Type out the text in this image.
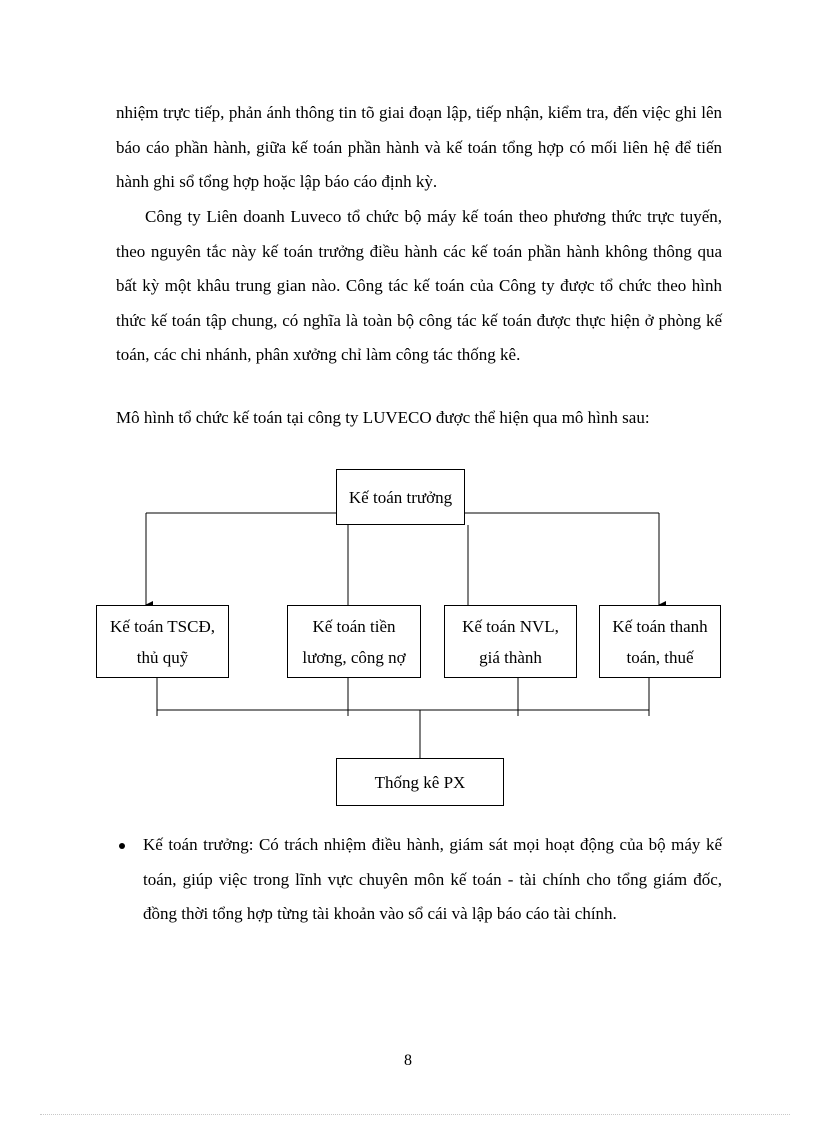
nhiệm trực tiếp, phản ánh thông tin tõ giai đoạn lập, tiếp nhận, kiểm tra, đến việc ghi lên báo cáo phần hành, giữa kế toán phần hành và kế toán tổng hợp có mối liên hệ để tiến hành ghi sổ tổng hợp hoặc lập báo cáo định kỳ.

Công ty Liên doanh Luveco tổ chức bộ máy kế toán theo phương thức trực tuyến, theo nguyên tắc này kế toán trưởng điều hành các kế toán phần hành không thông qua bất kỳ một khâu trung gian nào. Công tác kế toán của Công ty được tổ chức theo hình thức kế toán tập chung, có nghĩa là toàn bộ công tác kế toán được thực hiện ở phòng kế toán, các chi nhánh, phân xưởng chỉ làm công tác thống kê.

Mô hình tổ chức kế toán tại công ty LUVECO được thể hiện qua mô hình sau:

Kế toán trưởng
Kế toán TSCĐ,
thủ quỹ
Kế toán tiền
lương, công nợ
Kế toán NVL,
giá thành
Kế toán thanh
toán, thuế
Thống kê PX
Kế toán trưởng: Có trách nhiệm điều hành, giám sát mọi hoạt động của bộ máy kế toán, giúp việc trong lĩnh vực chuyên môn kế toán - tài chính cho tổng giám đốc, đồng thời tổng hợp từng tài khoản vào sổ cái và lập báo cáo tài chính.
8
